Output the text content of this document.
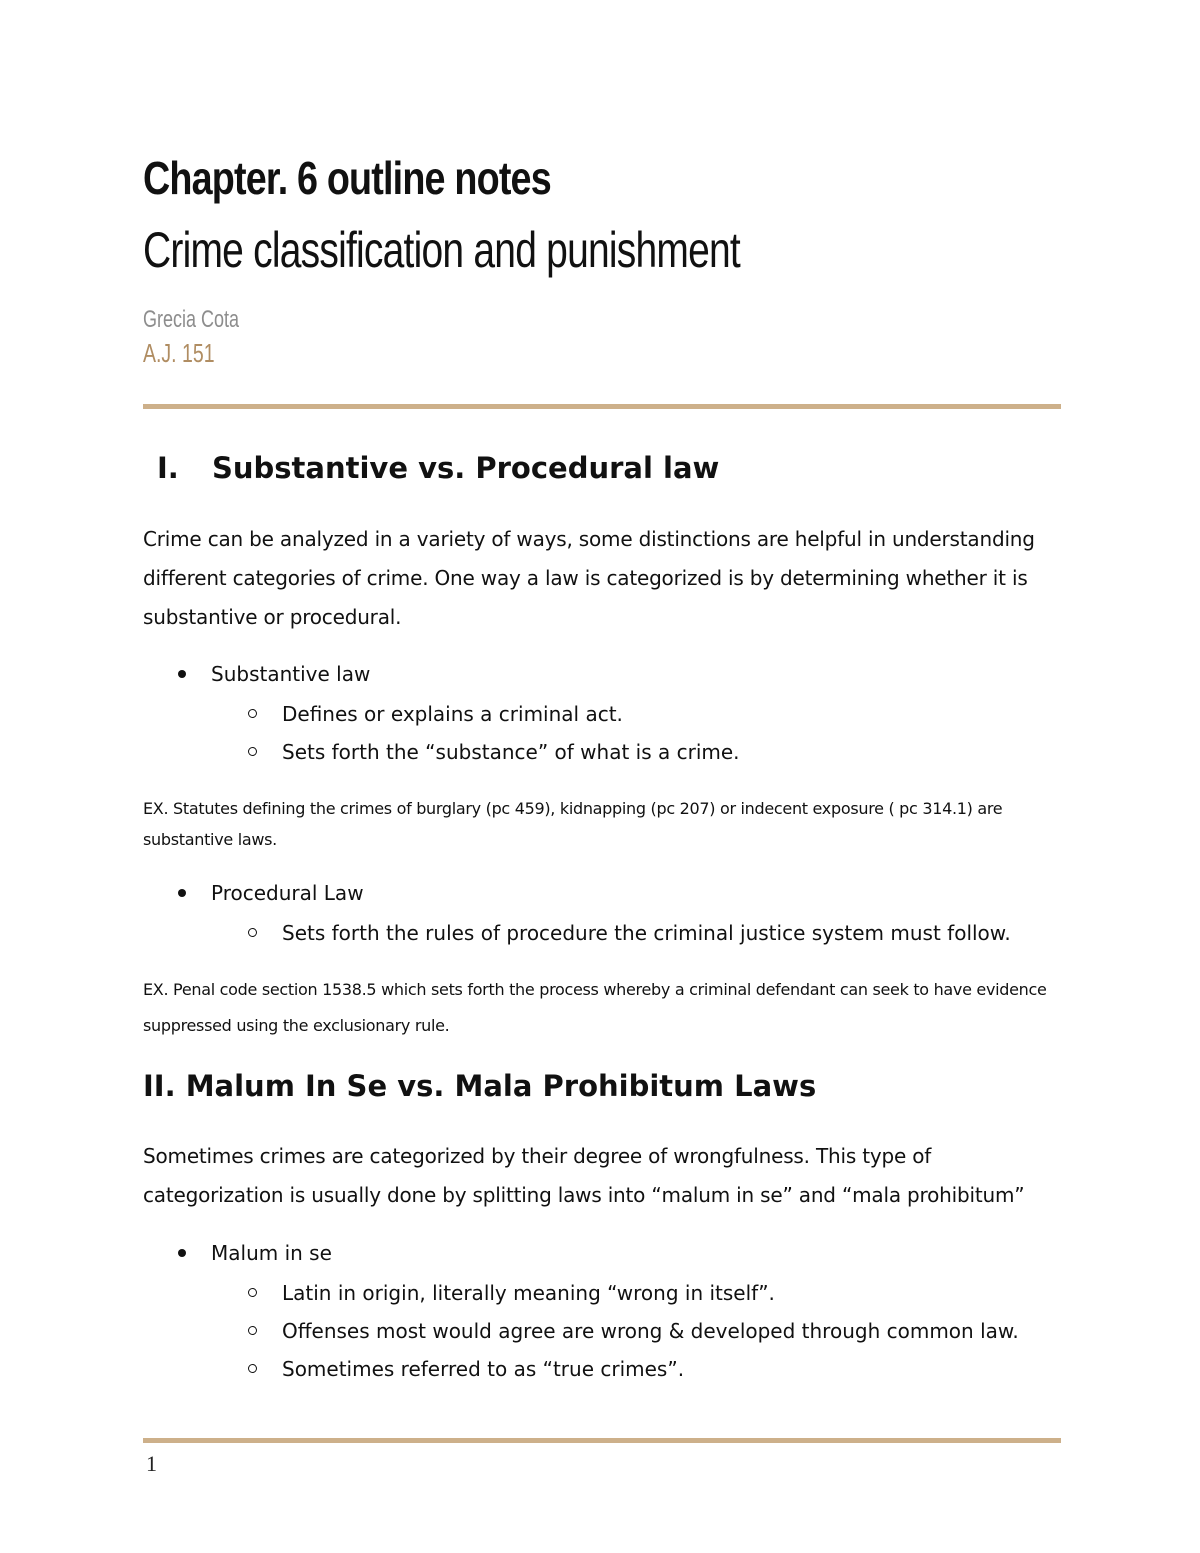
Chapter. 6 outline notes
Crime classification and punishment
Grecia Cota
A.J. 151
I. Substantive vs. Procedural law

Crime can be analyzed in a variety of ways, some distinctions are helpful in understanding different categories of crime. One way a law is categorized is by determining whether it is substantive or procedural.

Substantive law
Defines or explains a criminal act.
Sets forth the “substance” of what is a crime.

EX. Statutes defining the crimes of burglary (pc 459), kidnapping (pc 207) or indecent exposure ( pc 314.1) are substantive laws.

Procedural Law
Sets forth the rules of procedure the criminal justice system must follow.

EX. Penal code section 1538.5 which sets forth the process whereby a criminal defendant can seek to have evidence suppressed using the exclusionary rule.

II. Malum In Se vs. Mala Prohibitum Laws

Sometimes crimes are categorized by their degree of wrongfulness. This type of categorization is usually done by splitting laws into “malum in se” and “mala prohibitum”

Malum in se
Latin in origin, literally meaning “wrong in itself”.
Offenses most would agree are wrong & developed through common law.
Sometimes referred to as “true crimes”.
1
